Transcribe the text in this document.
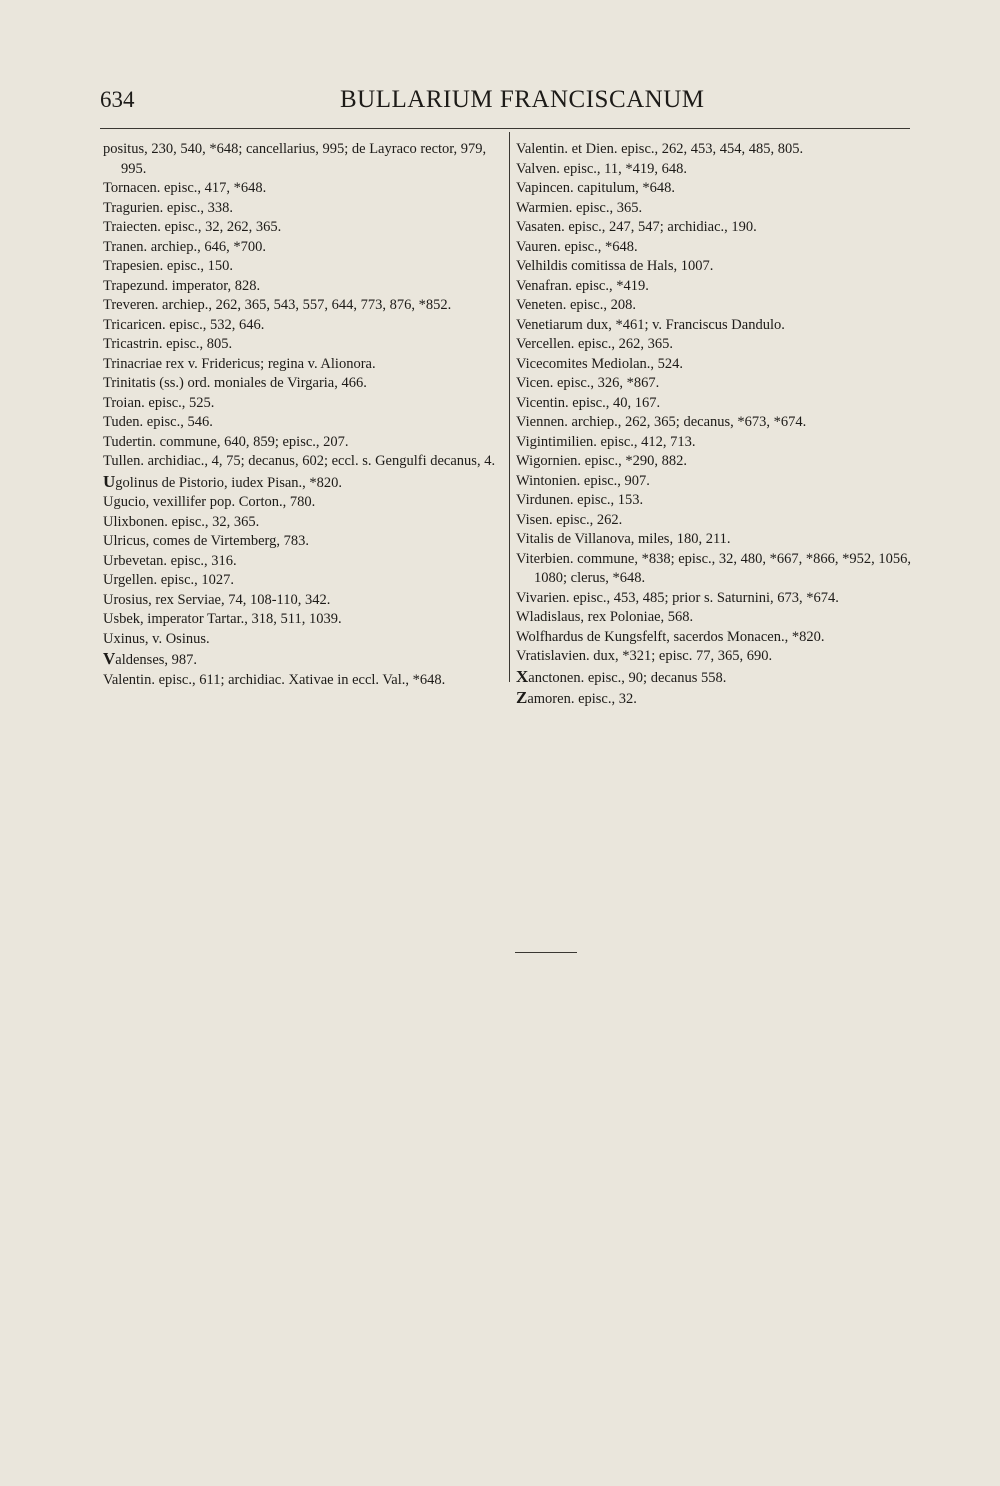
634	BULLARIUM FRANCISCANUM
positus, 230, 540, *648; cancellarius, 995; de Layraco rector, 979, 995.
Tornacen. episc., 417, *648.
Tragurien. episc., 338.
Traiecten. episc., 32, 262, 365.
Tranen. archiep., 646, *700.
Trapesien. episc., 150.
Trapezund. imperator, 828.
Treveren. archiep., 262, 365, 543, 557, 644, 773, 876, *852.
Tricaricen. episc., 532, 646.
Tricastrin. episc., 805.
Trinacriae rex v. Fridericus; regina v. Alionora.
Trinitatis (ss.) ord. moniales de Virgaria, 466.
Troian. episc., 525.
Tuden. episc., 546.
Tudertin. commune, 640, 859; episc., 207.
Tullen. archidiac., 4, 75; decanus, 602; eccl. s. Gengulfi decanus, 4.
Ugolinus de Pistorio, iudex Pisan., *820.
Ugucio, vexillifer pop. Corton., 780.
Ulixbonen. episc., 32, 365.
Ulricus, comes de Virtemberg, 783.
Urbevetan. episc., 316.
Urgellen. episc., 1027.
Urosius, rex Serviae, 74, 108-110, 342.
Usbek, imperator Tartar., 318, 511, 1039.
Uxinus, v. Osinus.
Valdenses, 987.
Valentin. episc., 611; archidiac. Xativae in eccl. Val., *648.
Valentin. et Dien. episc., 262, 453, 454, 485, 805.
Valven. episc., 11, *419, 648.
Vapincen. capitulum, *648.
Warmien. episc., 365.
Vasaten. episc., 247, 547; archidiac., 190.
Vauren. episc., *648.
Velhildis comitissa de Hals, 1007.
Venafran. episc., *419.
Veneten. episc., 208.
Venetiarum dux, *461; v. Franciscus Dandulo.
Vercellen. episc., 262, 365.
Vicecomites Mediolan., 524.
Vicen. episc., 326, *867.
Vicentin. episc., 40, 167.
Viennen. archiep., 262, 365; decanus, *673, *674.
Vigintimilien. episc., 412, 713.
Wigornien. episc., *290, 882.
Wintonien. episc., 907.
Virdunen. episc., 153.
Visen. episc., 262.
Vitalis de Villanova, miles, 180, 211.
Viterbien. commune, *838; episc., 32, 480, *667, *866, *952, 1056, 1080; clerus, *648.
Vivarien. episc., 453, 485; prior s. Saturnini, 673, *674.
Wladislaus, rex Poloniae, 568.
Wolfhardus de Kungsfelft, sacerdos Monacen., *820.
Vratislavien. dux, *321; episc. 77, 365, 690.
Xanctonen. episc., 90; decanus 558.
Zamoren. episc., 32.
